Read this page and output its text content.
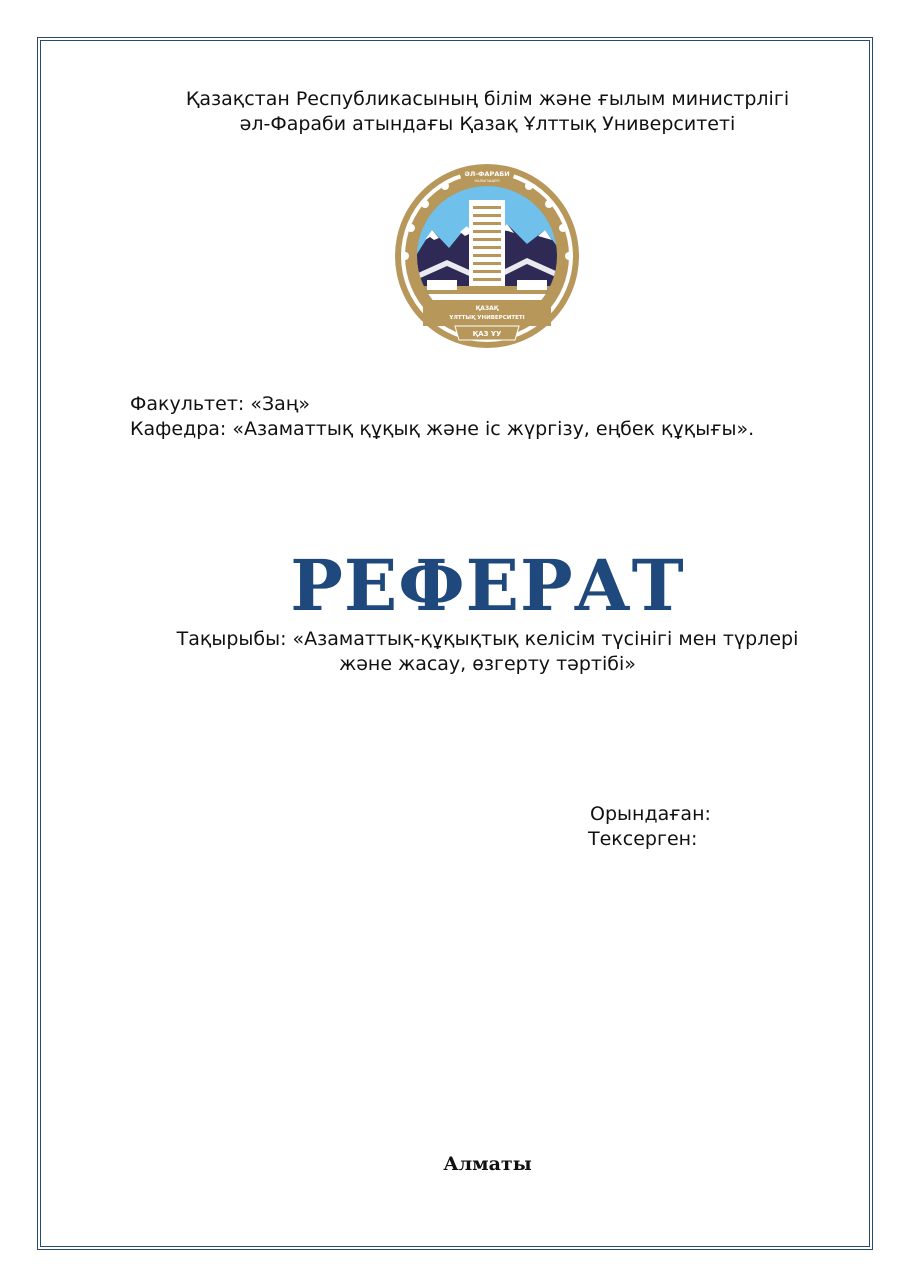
Қазақстан Республикасының білім және ғылым министрлігі
әл-Фараби атындағы Қазақ Ұлттық Университеті
ӘЛ-ФАРАБИ
НАЛЫГЫШЕРІ
ҚАЗАҚ
ҰЛТТЫҚ УНИВЕРСИТЕТІ
ҚАЗ ҰУ
Факультет: «Заң»
Кафедра: «Азаматтық құқық және іс жүргізу, еңбек құқығы».
РЕФЕРАТ
Тақырыбы: «Азаматтық-құқықтық келісім түсінігі мен түрлері
және жасау, өзгерту тәртібі»
Орындаған:
Тексерген:
Алматы
